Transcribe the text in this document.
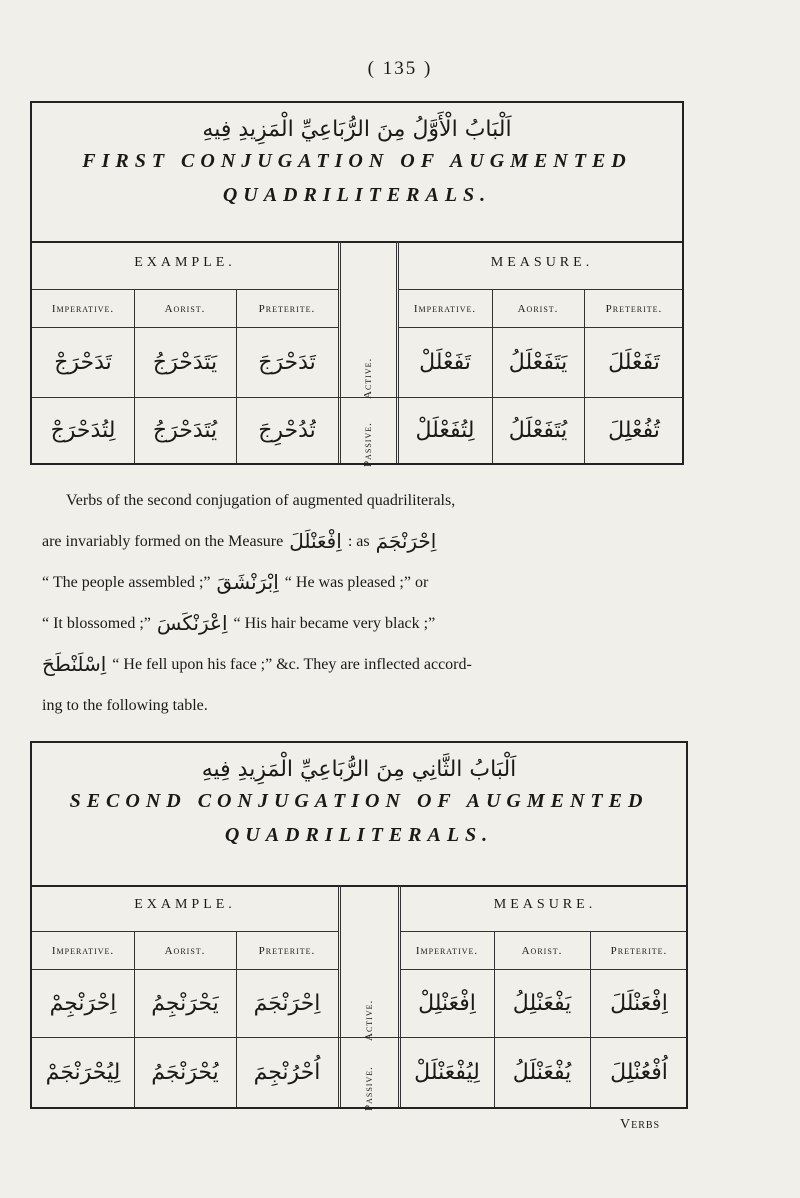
( 135 )
اَلْبَابُ الْأَوَّلُ مِنَ الرُّبَاعِيِّ الْمَزِيدِ فِيهِ
FIRST CONJUGATION OF AUGMENTED
QUADRILITERALS.
EXAMPLE.	MEASURE.
Imperative.	Aorist.	Preterite.	Imperative.	Aorist.	Preterite.
Active.
Passive.
تَدَحْرَجْ	يَتَدَحْرَجُ	تَدَحْرَجَ	تَفَعْلَلْ	يَتَفَعْلَلُ	تَفَعْلَلَ
لِتُدَحْرَجْ	يُتَدَحْرَجُ	تُدُحْرِجَ	لِتُفَعْلَلْ	يُتَفَعْلَلُ	تُفُعْلِلَ
Verbs of the second conjugation of augmented quadriliterals,
are invariably formed on the Measure اِفْعَنْلَلَ : as اِحْرَنْجَمَ
“ The people assembled ;” اِبْرَنْشَقَ “ He was pleased ;” or
“ It blossomed ;” اِعْرَنْكَسَ “ His hair became very black ;”
اِسْلَنْطَحَ “ He fell upon his face ;” &c. They are inflected accord-
ing to the following table.
اَلْبَابُ الثَّانِي مِنَ الرُّبَاعِيِّ الْمَزِيدِ فِيهِ
SECOND CONJUGATION OF AUGMENTED
QUADRILITERALS.
EXAMPLE.	MEASURE.
Imperative.	Aorist.	Preterite.	Imperative.	Aorist.	Preterite.
Active.
Passive.
اِحْرَنْجِمْ	يَحْرَنْجِمُ	اِحْرَنْجَمَ	اِفْعَنْلِلْ	يَفْعَنْلِلُ	اِفْعَنْلَلَ
لِيُحْرَنْجَمْ	يُحْرَنْجَمُ	اُحْرُنْجِمَ	لِيُفْعَنْلَلْ	يُفْعَنْلَلُ	اُفْعُنْلِلَ
Verbs
